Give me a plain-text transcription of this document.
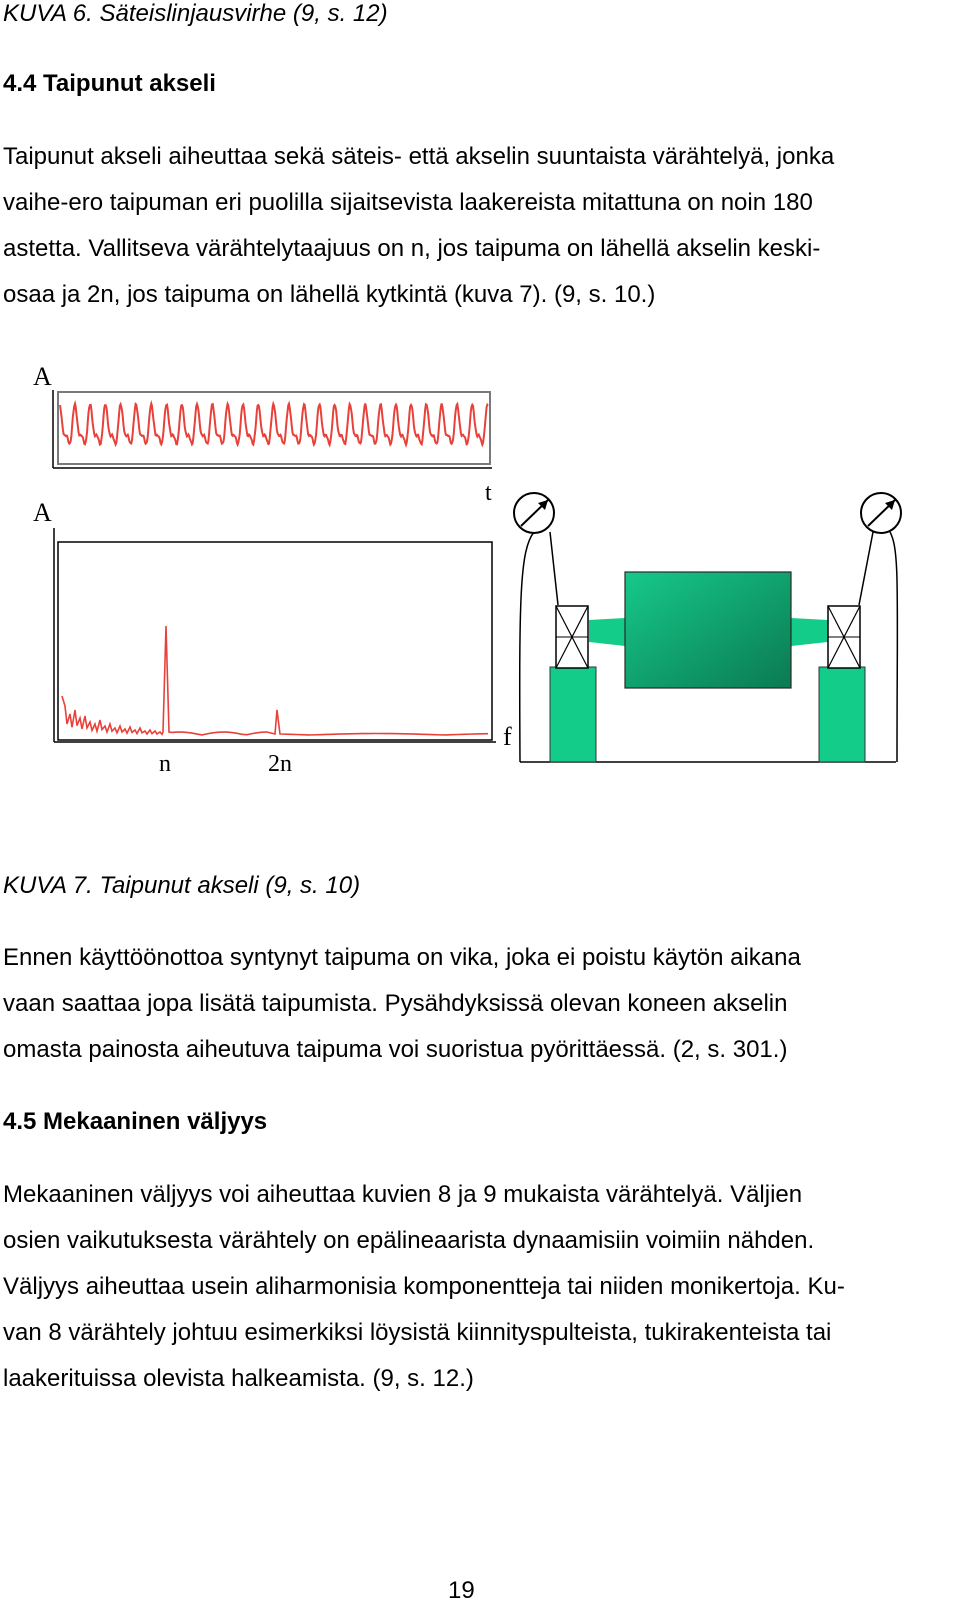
KUVA 6. Säteislinjausvirhe (9, s. 12)
4.4 Taipunut akseli
Taipunut akseli aiheuttaa sekä säteis- että akselin suuntaista värähtelyä, jonka
vaihe-ero taipuman eri puolilla sijaitsevista laakereista mitattuna on noin 180
astetta. Vallitseva värähtelytaajuus on n, jos taipuma on lähellä akselin keski-
osaa ja 2n, jos taipuma on lähellä kytkintä (kuva 7). (9, s. 10.)
A
t
A
n	2n
f
KUVA 7. Taipunut akseli (9, s. 10)
Ennen käyttöönottoa syntynyt taipuma on vika, joka ei poistu käytön aikana
vaan saattaa jopa lisätä taipumista. Pysähdyksissä olevan koneen akselin
omasta painosta aiheutuva taipuma voi suoristua pyörittäessä. (2, s. 301.)
4.5 Mekaaninen väljyys
Mekaaninen väljyys voi aiheuttaa kuvien 8 ja 9 mukaista värähtelyä. Väljien
osien vaikutuksesta värähtely on epälineaarista dynaamisiin voimiin nähden.
Väljyys aiheuttaa usein aliharmonisia komponentteja tai niiden monikertoja. Ku-
van 8 värähtely johtuu esimerkiksi löysistä kiinnityspulteista, tukirakenteista tai
laakerituissa olevista halkeamista. (9, s. 12.)
19
